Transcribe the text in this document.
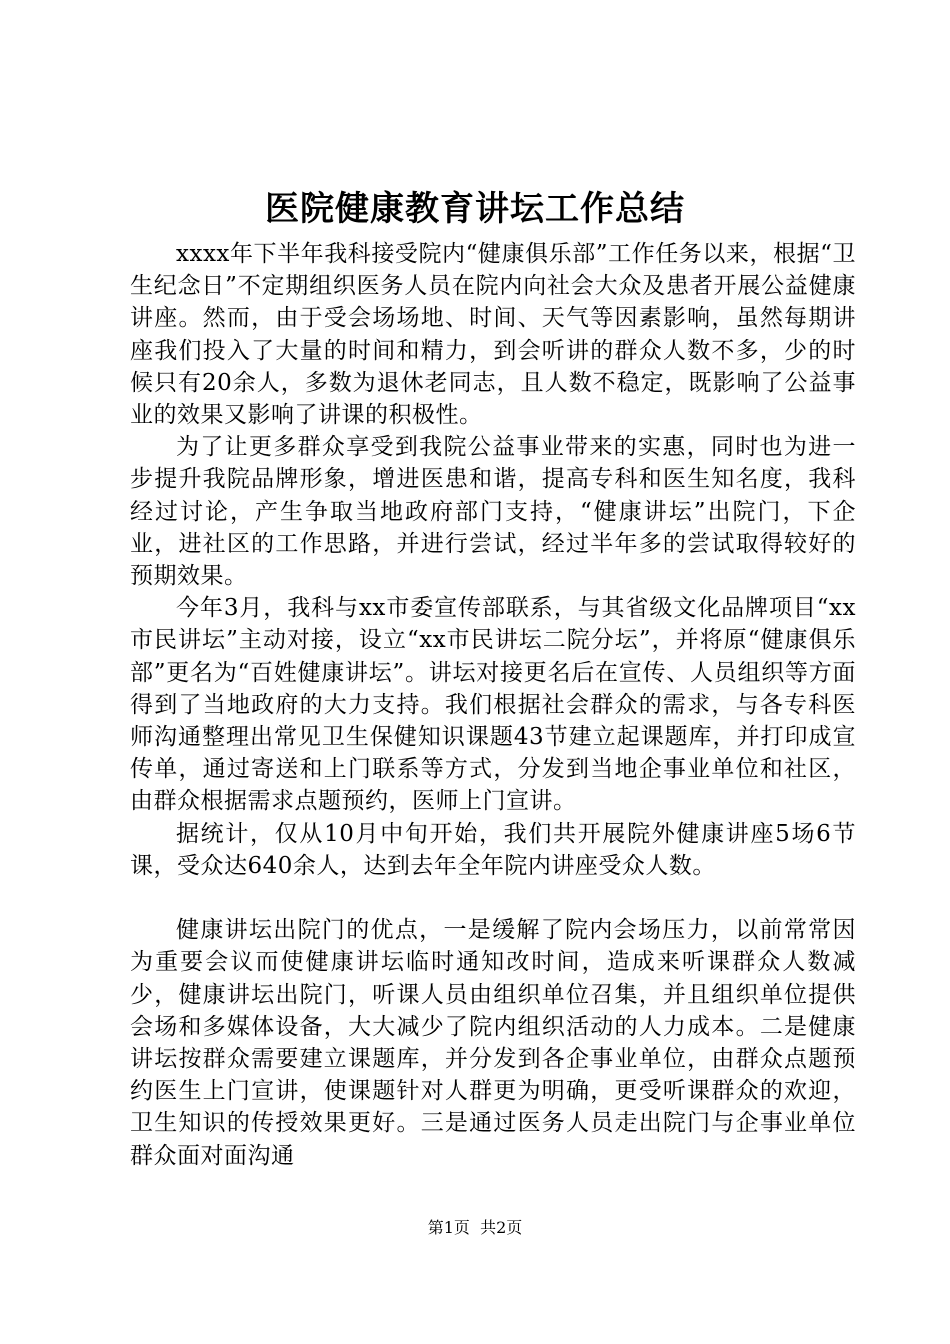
医院健康教育讲坛工作总结

xxxx年下半年我科接受院内“健康俱乐部”工作任务以来，根据“卫生纪念日”不定期组织医务人员在院内向社会大众及患者开展公益健康讲座。然而，由于受会场场地、时间、天气等因素影响，虽然每期讲座我们投入了大量的时间和精力，到会听讲的群众人数不多，少的时候只有20余人，多数为退休老同志，且人数不稳定，既影响了公益事业的效果又影响了讲课的积极性。

为了让更多群众享受到我院公益事业带来的实惠，同时也为进一步提升我院品牌形象，增进医患和谐，提高专科和医生知名度，我科经过讨论，产生争取当地政府部门支持，“健康讲坛”出院门，下企业，进社区的工作思路，并进行尝试，经过半年多的尝试取得较好的预期效果。

今年3月，我科与xx市委宣传部联系，与其省级文化品牌项目“xx市民讲坛”主动对接，设立“xx市民讲坛二院分坛”，并将原“健康俱乐部”更名为“百姓健康讲坛”。讲坛对接更名后在宣传、人员组织等方面得到了当地政府的大力支持。我们根据社会群众的需求，与各专科医师沟通整理出常见卫生保健知识课题43节建立起课题库，并打印成宣传单，通过寄送和上门联系等方式，分发到当地企事业单位和社区，由群众根据需求点题预约，医师上门宣讲。

据统计，仅从10月中旬开始，我们共开展院外健康讲座5场6节课，受众达640余人，达到去年全年院内讲座受众人数。

健康讲坛出院门的优点，一是缓解了院内会场压力，以前常常因为重要会议而使健康讲坛临时通知改时间，造成来听课群众人数减少，健康讲坛出院门，听课人员由组织单位召集，并且组织单位提供会场和多媒体设备，大大减少了院内组织活动的人力成本。二是健康讲坛按群众需要建立课题库，并分发到各企事业单位，由群众点题预约医生上门宣讲，使课题针对人群更为明确，更受听课群众的欢迎，卫生知识的传授效果更好。三是通过医务人员走出院门与企事业单位群众面对面沟通

第1页 共2页
